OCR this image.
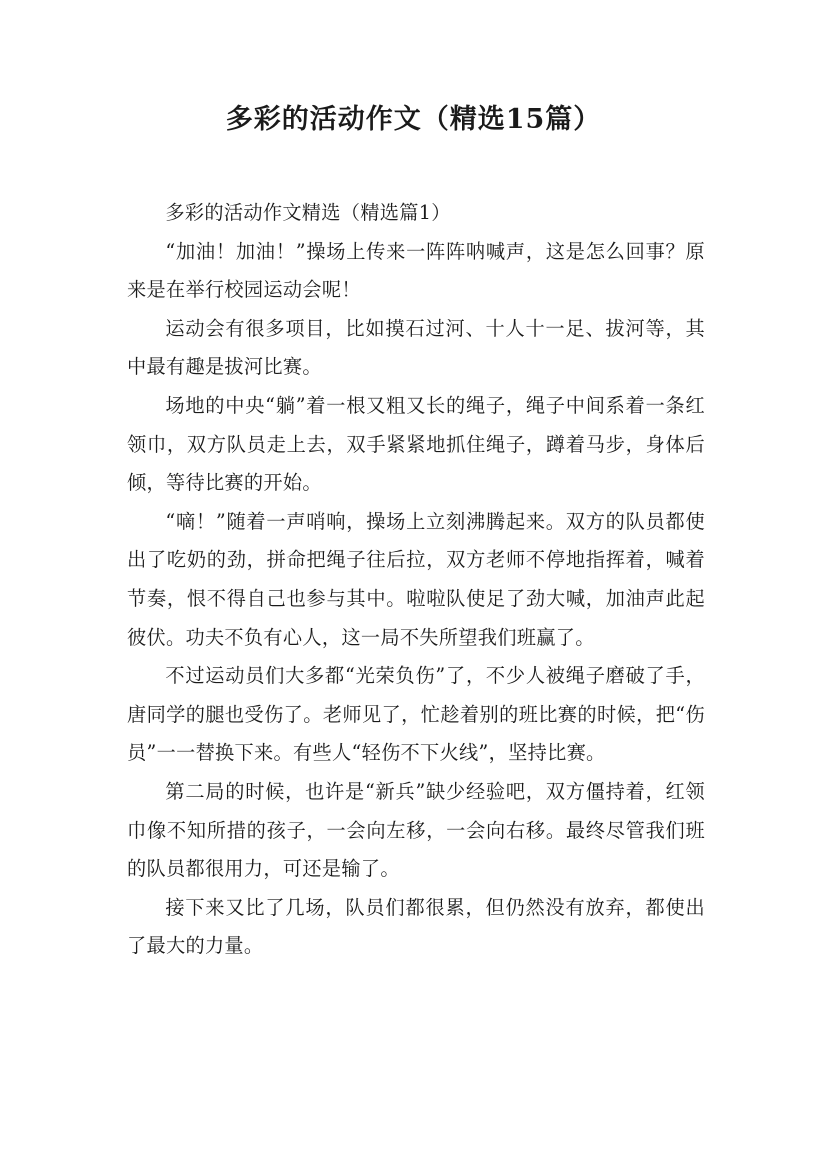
多彩的活动作文（精选15篇）

多彩的活动作文精选（精选篇1）

“加油！加油！”操场上传来一阵阵呐喊声，这是怎么回事？原来是在举行校园运动会呢！

运动会有很多项目，比如摸石过河、十人十一足、拔河等，其中最有趣是拔河比赛。

场地的中央“躺”着一根又粗又长的绳子，绳子中间系着一条红领巾，双方队员走上去，双手紧紧地抓住绳子，蹲着马步，身体后倾，等待比赛的开始。

“嘀！”随着一声哨响，操场上立刻沸腾起来。双方的队员都使出了吃奶的劲，拼命把绳子往后拉，双方老师不停地指挥着，喊着节奏，恨不得自己也参与其中。啦啦队使足了劲大喊，加油声此起彼伏。功夫不负有心人，这一局不失所望我们班赢了。

不过运动员们大多都“光荣负伤”了，不少人被绳子磨破了手，唐同学的腿也受伤了。老师见了，忙趁着别的班比赛的时候，把“伤员”一一替换下来。有些人“轻伤不下火线”，坚持比赛。

第二局的时候，也许是“新兵”缺少经验吧，双方僵持着，红领巾像不知所措的孩子，一会向左移，一会向右移。最终尽管我们班的队员都很用力，可还是输了。

接下来又比了几场，队员们都很累，但仍然没有放弃，都使出了最大的力量。
